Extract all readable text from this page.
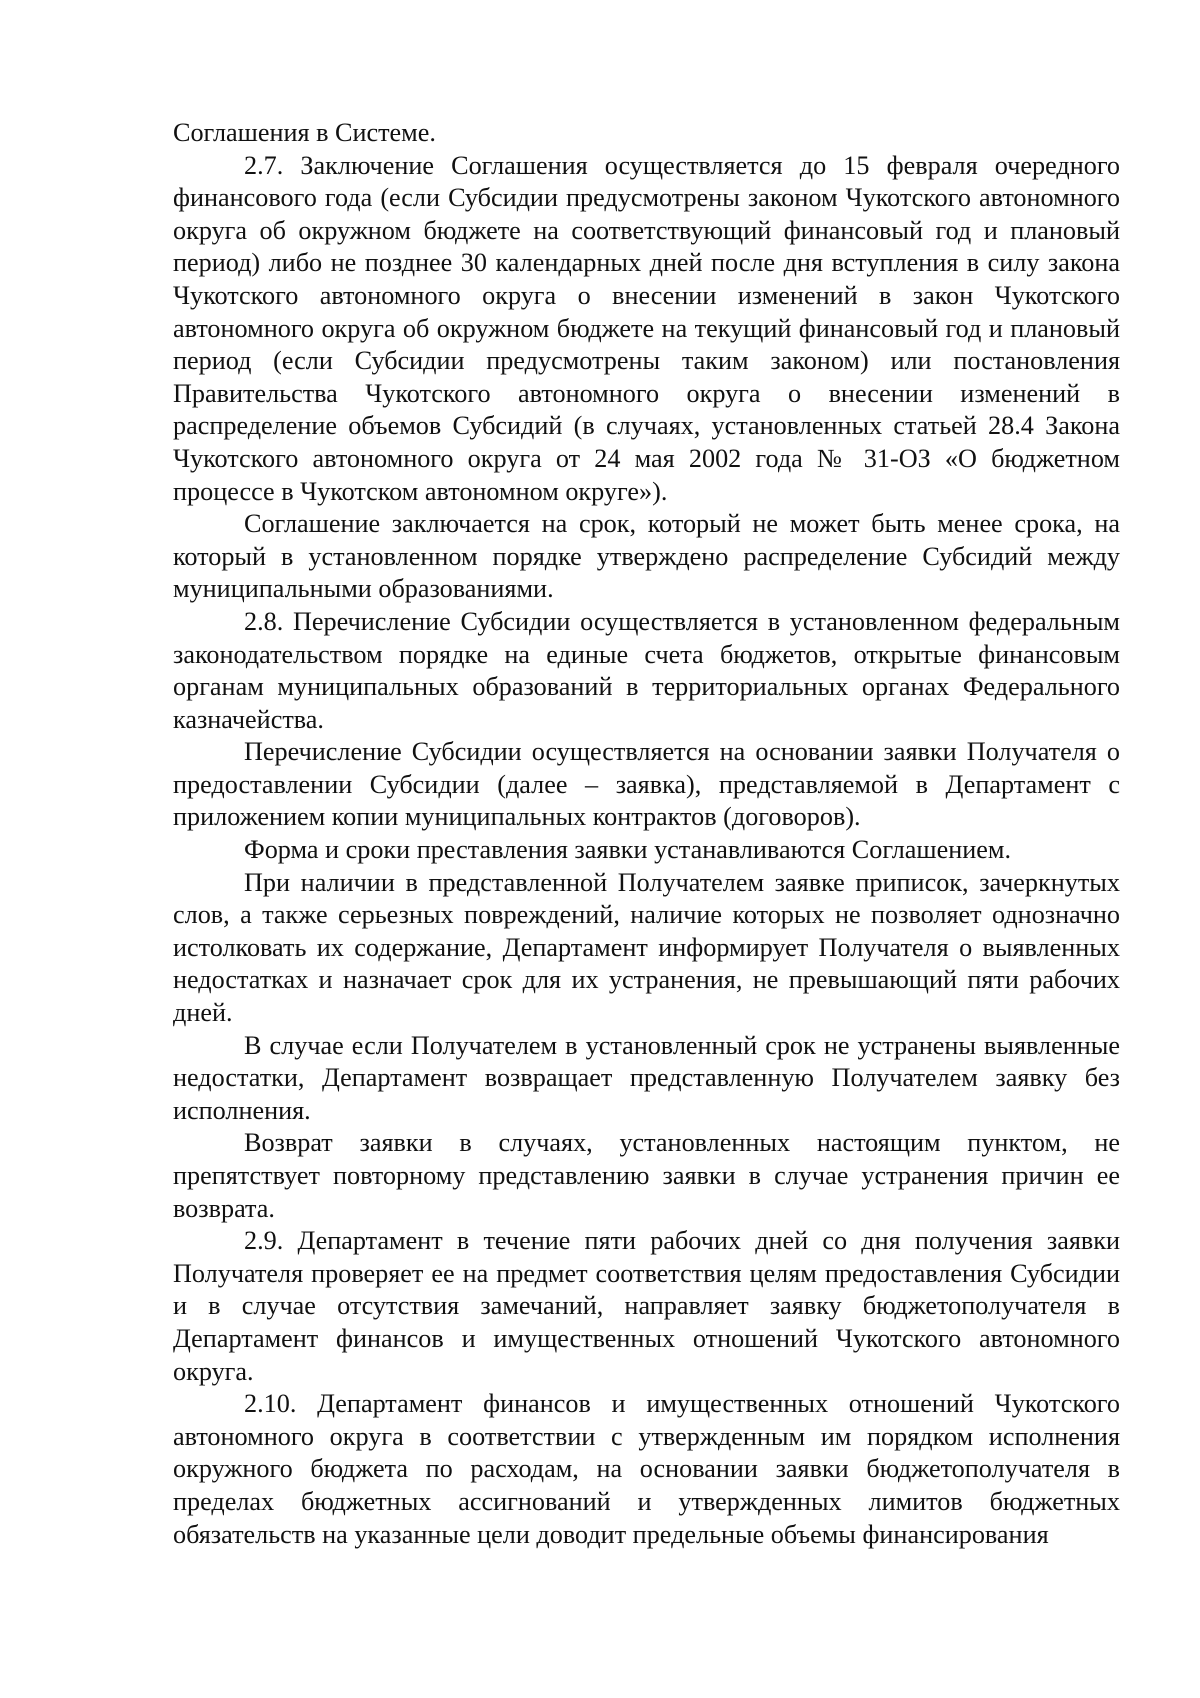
Соглашения в Системе.

2.7. Заключение Соглашения осуществляется до 15 февраля очередного финансового года (если Субсидии предусмотрены законом Чукотского автономного округа об окружном бюджете на соответствующий финансовый год и плановый период) либо не позднее 30 календарных дней после дня вступления в силу закона Чукотского автономного округа о внесении изменений в закон Чукотского автономного округа об окружном бюджете на текущий финансовый год и плановый период (если Субсидии предусмотрены таким законом) или постановления Правительства Чукотского автономного округа о внесении изменений в распределение объемов Субсидий (в случаях, установленных статьей 28.4 Закона Чукотского автономного округа от 24 мая 2002 года № 31-ОЗ «О бюджетном процессе в Чукотском автономном округе»).

Соглашение заключается на срок, который не может быть менее срока, на который в установленном порядке утверждено распределение Субсидий между муниципальными образованиями.

2.8. Перечисление Субсидии осуществляется в установленном федеральным законодательством порядке на единые счета бюджетов, открытые финансовым органам муниципальных образований в территориальных органах Федерального казначейства.

Перечисление Субсидии осуществляется на основании заявки Получателя о предоставлении Субсидии (далее – заявка), представляемой в Департамент с приложением копии муниципальных контрактов (договоров).

Форма и сроки преставления заявки устанавливаются Соглашением.

При наличии в представленной Получателем заявке приписок, зачеркнутых слов, а также серьезных повреждений, наличие которых не позволяет однозначно истолковать их содержание, Департамент информирует Получателя о выявленных недостатках и назначает срок для их устранения, не превышающий пяти рабочих дней.

В случае если Получателем в установленный срок не устранены выявленные недостатки, Департамент возвращает представленную Получателем заявку без исполнения.

Возврат заявки в случаях, установленных настоящим пунктом, не препятствует повторному представлению заявки в случае устранения причин ее возврата.

2.9. Департамент в течение пяти рабочих дней со дня получения заявки Получателя проверяет ее на предмет соответствия целям предоставления Субсидии и в случае отсутствия замечаний, направляет заявку бюджетополучателя в Департамент финансов и имущественных отношений Чукотского автономного округа.

2.10. Департамент финансов и имущественных отношений Чукотского автономного округа в соответствии с утвержденным им порядком исполнения окружного бюджета по расходам, на основании заявки бюджетополучателя в пределах бюджетных ассигнований и утвержденных лимитов бюджетных обязательств на указанные цели доводит предельные объемы финансирования
